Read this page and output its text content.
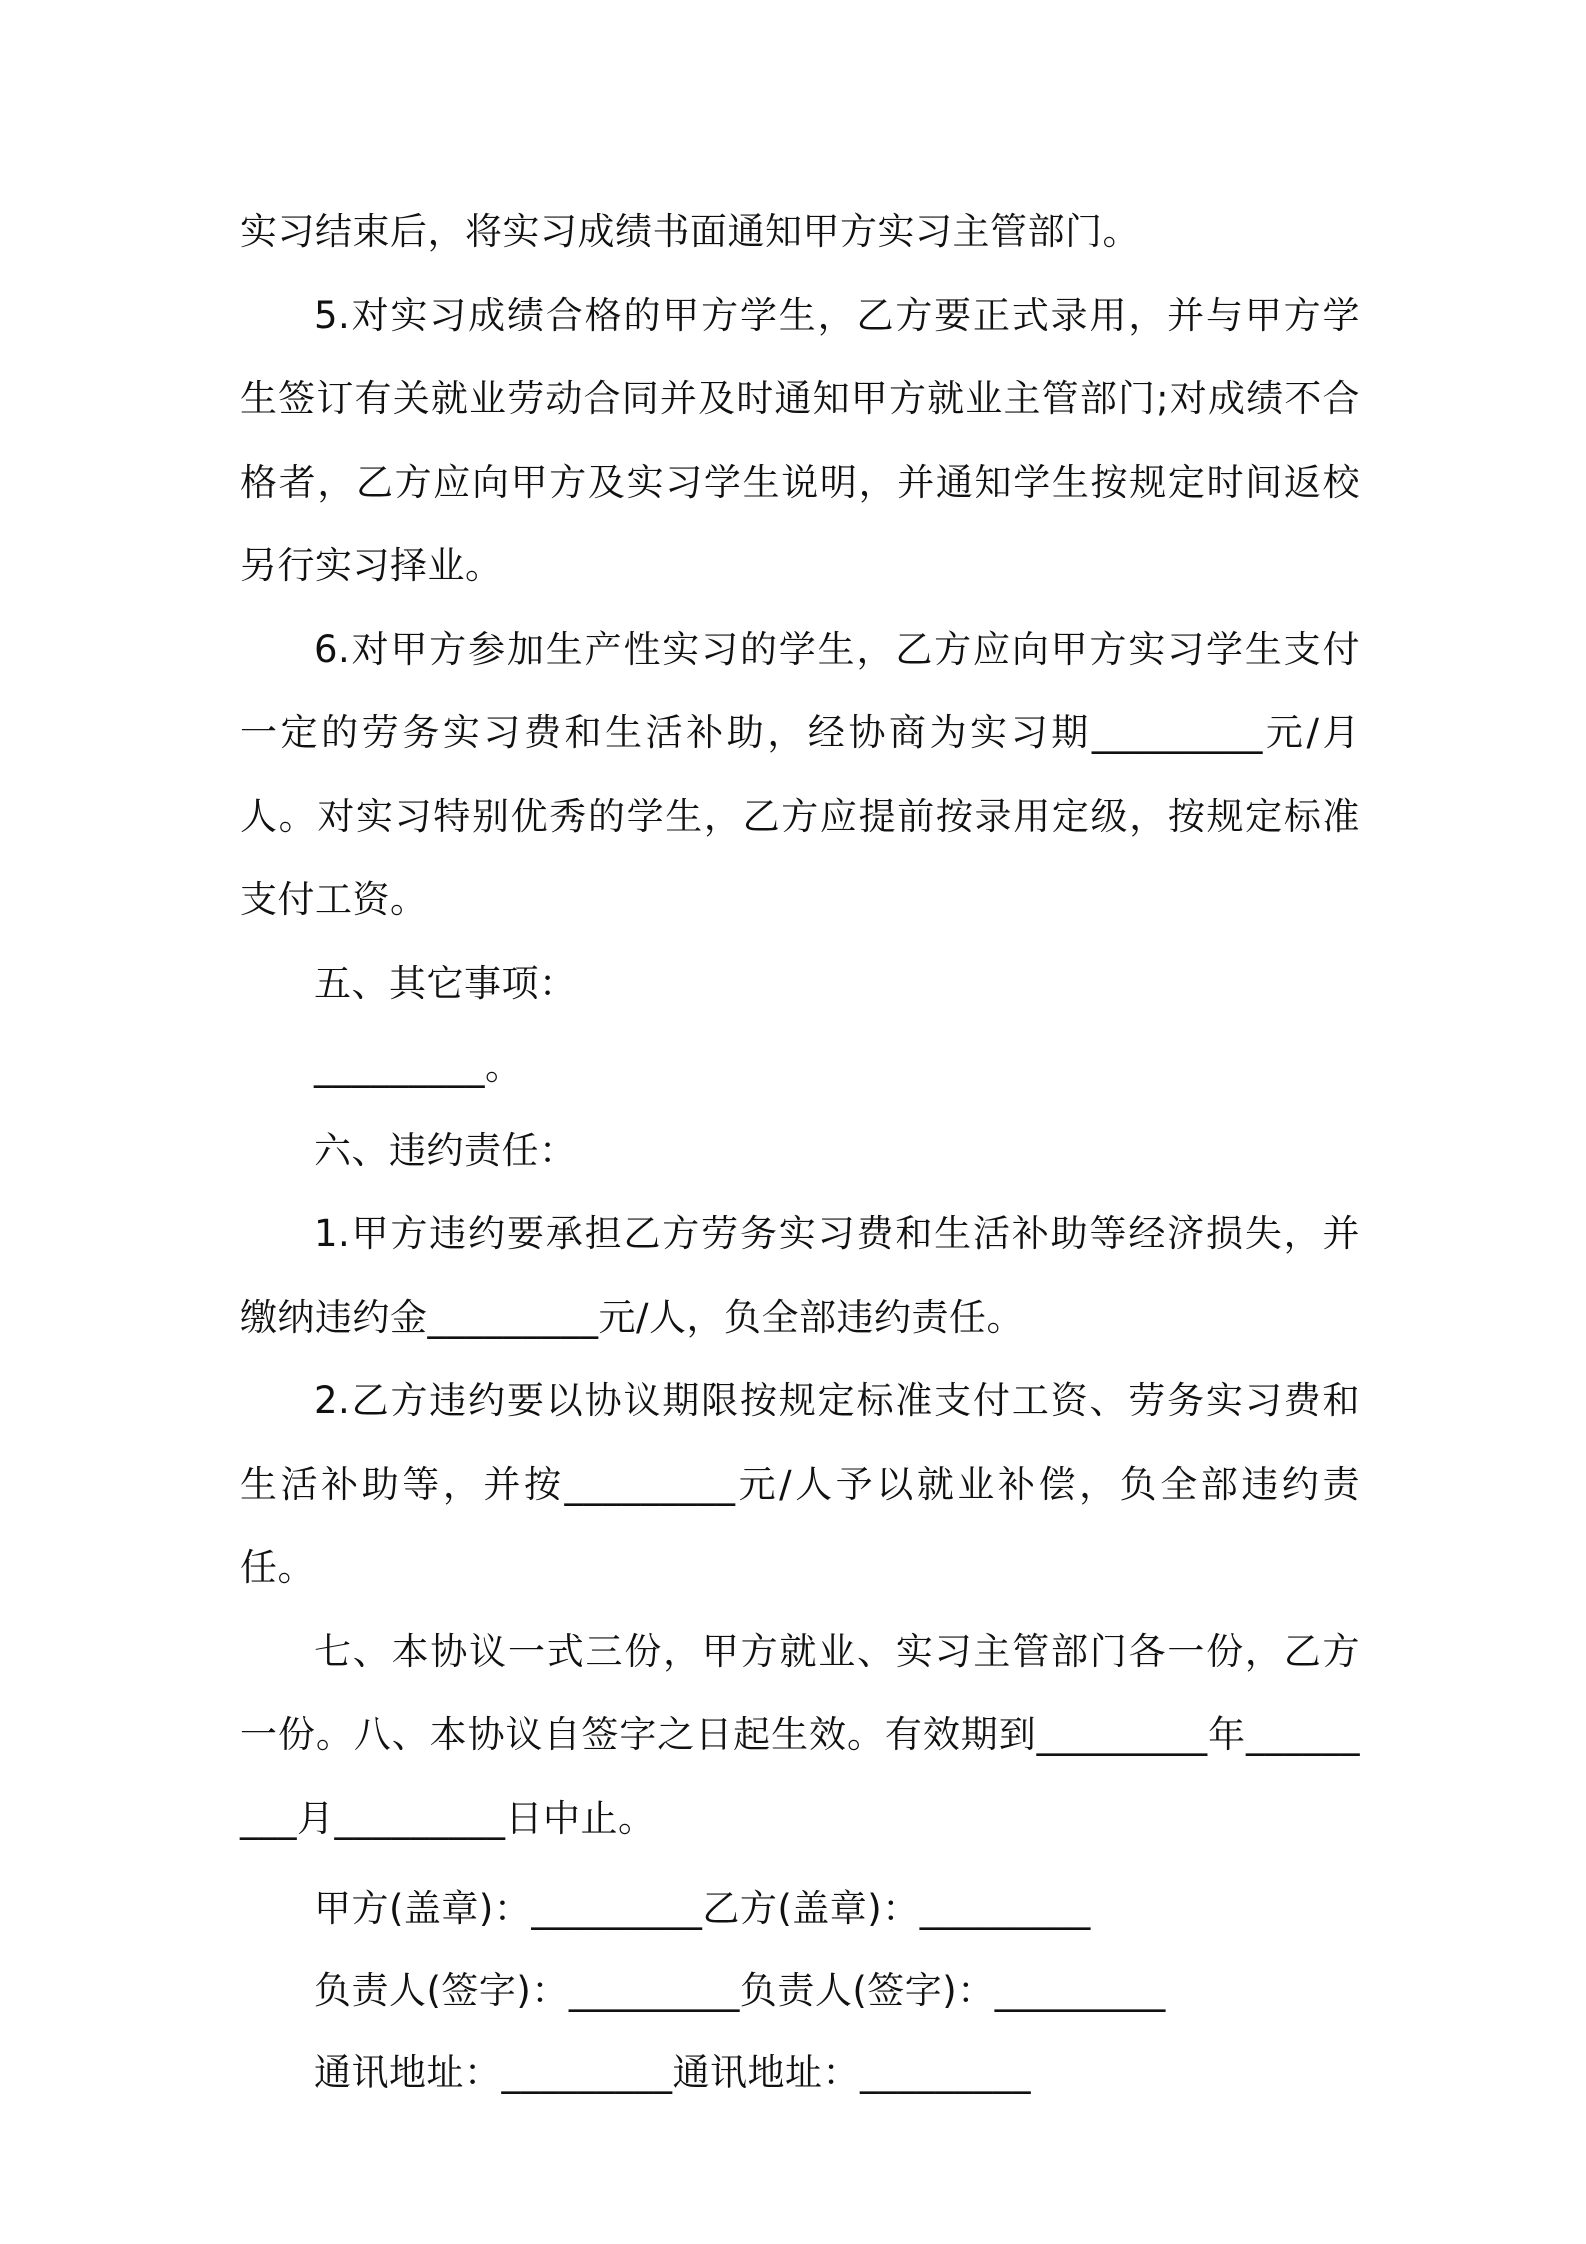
实习结束后，将实习成绩书面通知甲方实习主管部门。

5.对实习成绩合格的甲方学生，乙方要正式录用，并与甲方学生签订有关就业劳动合同并及时通知甲方就业主管部门;对成绩不合格者，乙方应向甲方及实习学生说明，并通知学生按规定时间返校另行实习择业。

6.对甲方参加生产性实习的学生，乙方应向甲方实习学生支付一定的劳务实习费和生活补助，经协商为实习期_________元/月人。对实习特别优秀的学生，乙方应提前按录用定级，按规定标准支付工资。

五、其它事项：

_________。

六、违约责任：

1.甲方违约要承担乙方劳务实习费和生活补助等经济损失，并缴纳违约金_________元/人，负全部违约责任。

2.乙方违约要以协议期限按规定标准支付工资、劳务实习费和生活补助等，并按_________元/人予以就业补偿，负全部违约责任。

七、本协议一式三份，甲方就业、实习主管部门各一份，乙方一份。八、本协议自签字之日起生效。有效期到_________年_________月_________日中止。

甲方(盖章)：_________乙方(盖章)：_________

负责人(签字)：_________负责人(签字)：_________

通讯地址：_________通讯地址：_________
